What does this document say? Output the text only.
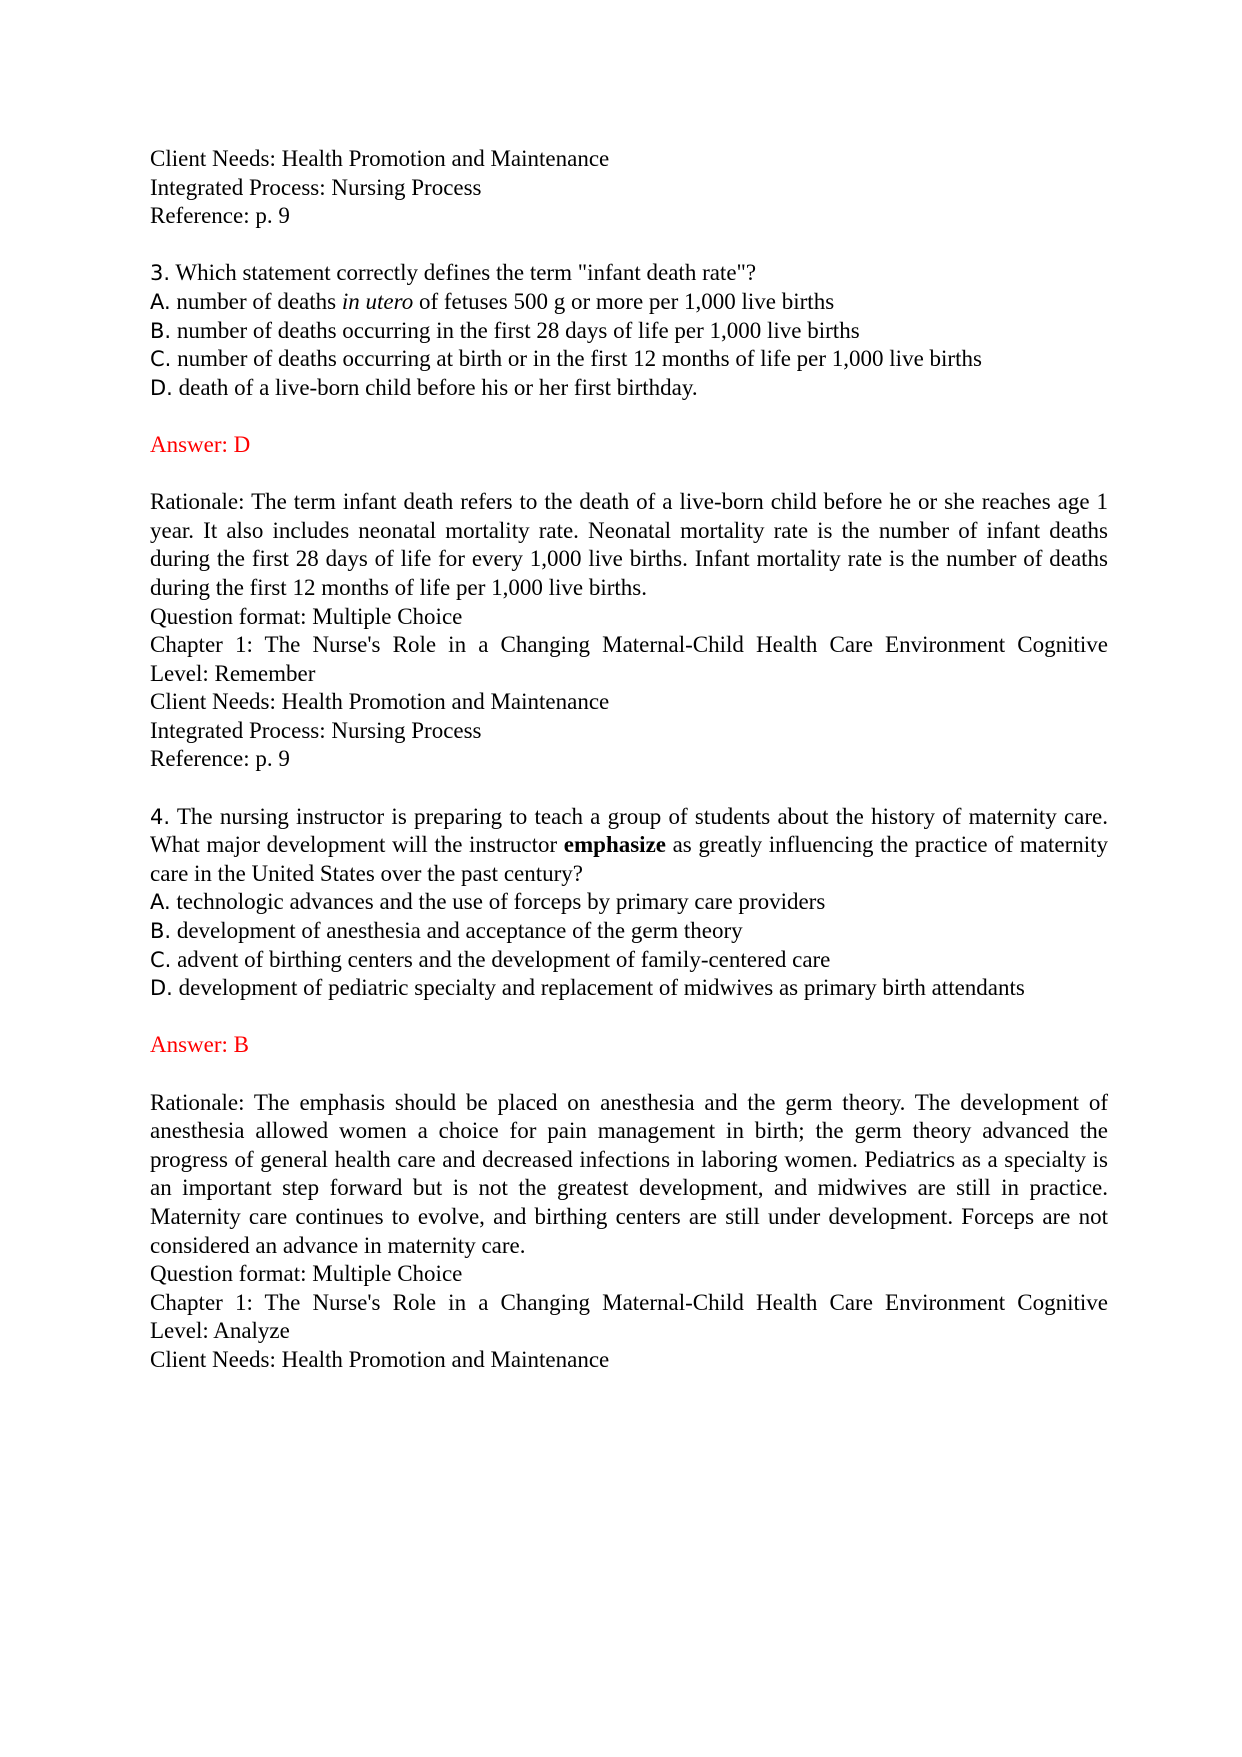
Client Needs: Health Promotion and Maintenance

Integrated Process: Nursing Process

Reference: p. 9

3. Which statement correctly defines the term "infant death rate"?

A. number of deaths in utero of fetuses 500 g or more per 1,000 live births

B. number of deaths occurring in the first 28 days of life per 1,000 live births

C. number of deaths occurring at birth or in the first 12 months of life per 1,000 live births

D. death of a live-born child before his or her first birthday.

Answer: D

Rationale: The term infant death refers to the death of a live-born child before he or she reaches age 1 year. It also includes neonatal mortality rate. Neonatal mortality rate is the number of infant deaths during the first 28 days of life for every 1,000 live births. Infant mortality rate is the number of deaths during the first 12 months of life per 1,000 live births.

Question format: Multiple Choice

Chapter 1: The Nurse's Role in a Changing Maternal-Child Health Care Environment Cognitive

Level: Remember

Client Needs: Health Promotion and Maintenance

Integrated Process: Nursing Process

Reference: p. 9

4. The nursing instructor is preparing to teach a group of students about the history of maternity care. What major development will the instructor emphasize as greatly influencing the practice of maternity care in the United States over the past century?

A. technologic advances and the use of forceps by primary care providers

B. development of anesthesia and acceptance of the germ theory

C. advent of birthing centers and the development of family-centered care

D. development of pediatric specialty and replacement of midwives as primary birth attendants

Answer: B

Rationale: The emphasis should be placed on anesthesia and the germ theory. The development of anesthesia allowed women a choice for pain management in birth; the germ theory advanced the progress of general health care and decreased infections in laboring women. Pediatrics as a specialty is an important step forward but is not the greatest development, and midwives are still in practice. Maternity care continues to evolve, and birthing centers are still under development. Forceps are not considered an advance in maternity care.

Question format: Multiple Choice

Chapter 1: The Nurse's Role in a Changing Maternal-Child Health Care Environment Cognitive

Level: Analyze

Client Needs: Health Promotion and Maintenance
